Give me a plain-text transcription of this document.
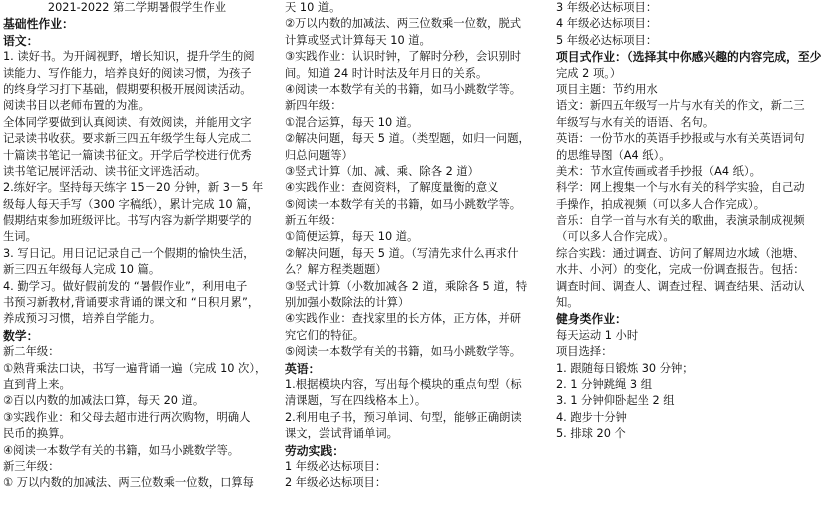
2021-2022 第二学期暑假学生作业
基础性作业：
语文：
1. 读好书。为开阔视野，增长知识，提升学生的阅
读能力、写作能力，培养良好的阅读习惯，为孩子
的终身学习打下基础，假期要积极开展阅读活动。
阅读书目以老师布置的为准。
全体同学要做到认真阅读、有效阅读，并能用文字
记录读书收获。要求新三四五年级学生每人完成二
十篇读书笔记一篇读书征文。开学后学校进行优秀
读书笔记展评活动、读书征文评选活动。
2.练好字。坚持每天练字 15－20 分钟，新 3－5 年
级每人每天手写（300 字稿纸），累计完成 10 篇，
假期结束参加班级评比。书写内容为新学期要学的
生词。
3. 写日记。用日记记录自己一个假期的愉快生活，
新三四五年级每人完成 10 篇。
4. 勤学习。做好假前发的 “暑假作业”，利用电子
书预习新教材,背诵要求背诵的课文和 “日积月累”，
养成预习习惯，培养自学能力。
数学：
新二年级：
①熟背乘法口诀，书写一遍背诵一遍（完成 10 次），
直到背上来。
②百以内数的加减法口算，每天 20 道。
③实践作业：和父母去超市进行两次购物，明确人
民币的换算。
④阅读一本数学有关的书籍，如马小跳数学等。
新三年级：
① 万以内数的加减法、两三位数乘一位数，口算每
天 10 道。
②万以内数的加减法、两三位数乘一位数，脱式
计算或竖式计算每天 10 道。
③实践作业：认识时钟，了解时分秒，会识别时
间。知道 24 时计时法及年月日的关系。
④阅读一本数学有关的书籍，如马小跳数学等。
新四年级：
①混合运算，每天 10 道。
②解决问题，每天 5 道。（类型题，如归一问题，
归总问题等）
③竖式计算（加、减、乘、除各 2 道）
④实践作业：查阅资料，了解度量衡的意义
⑤阅读一本数学有关的书籍，如马小跳数学等。
新五年级：
①简便运算，每天 10 道。
②解决问题，每天 5 道。（写清先求什么再求什
么？解方程类题题）
③竖式计算（小数加减各 2 道，乘除各 5 道，特
别加强小数除法的计算）
④实践作业：查找家里的长方体，正方体，并研
究它们的特征。
⑤阅读一本数学有关的书籍，如马小跳数学等。
英语：
1.根据模块内容，写出每个模块的重点句型（标
清课题，写在四线格本上）。
2.利用电子书，预习单词、句型，能够正确朗读
课文，尝试背诵单词。
劳动实践：
1 年级必达标项目：
2 年级必达标项目：
3 年级必达标项目：
4 年级必达标项目：
5 年级必达标项目：
项目式作业：（选择其中你感兴趣的内容完成，至少
完成 2 项。）
项目主题：节约用水
语文：新四五年级写一片与水有关的作文，新二三
年级写与水有关的语语、名句。
英语：一份节水的英语手抄报或与水有关英语词句
的思维导图（A4 纸）。
美术：节水宣传画或者手抄报（A4 纸）。
科学：网上搜集一个与水有关的科学实验，自己动
手操作，拍成视频（可以多人合作完成）。
音乐：自学一首与水有关的歌曲，表演录制成视频
（可以多人合作完成）。
综合实践：通过调查、访问了解周边水域（池塘、
水井、小河）的变化，完成一份调查报告。包括：
调查时间、调查人、调查过程、调查结果、活动认
知。
健身类作业：
每天运动 1 小时
项目选择：
1. 跟随每日锻炼 30 分钟；
2. 1 分钟跳绳 3 组
3. 1 分钟仰卧起坐 2 组
4. 跑步十分钟
5. 排球 20 个
